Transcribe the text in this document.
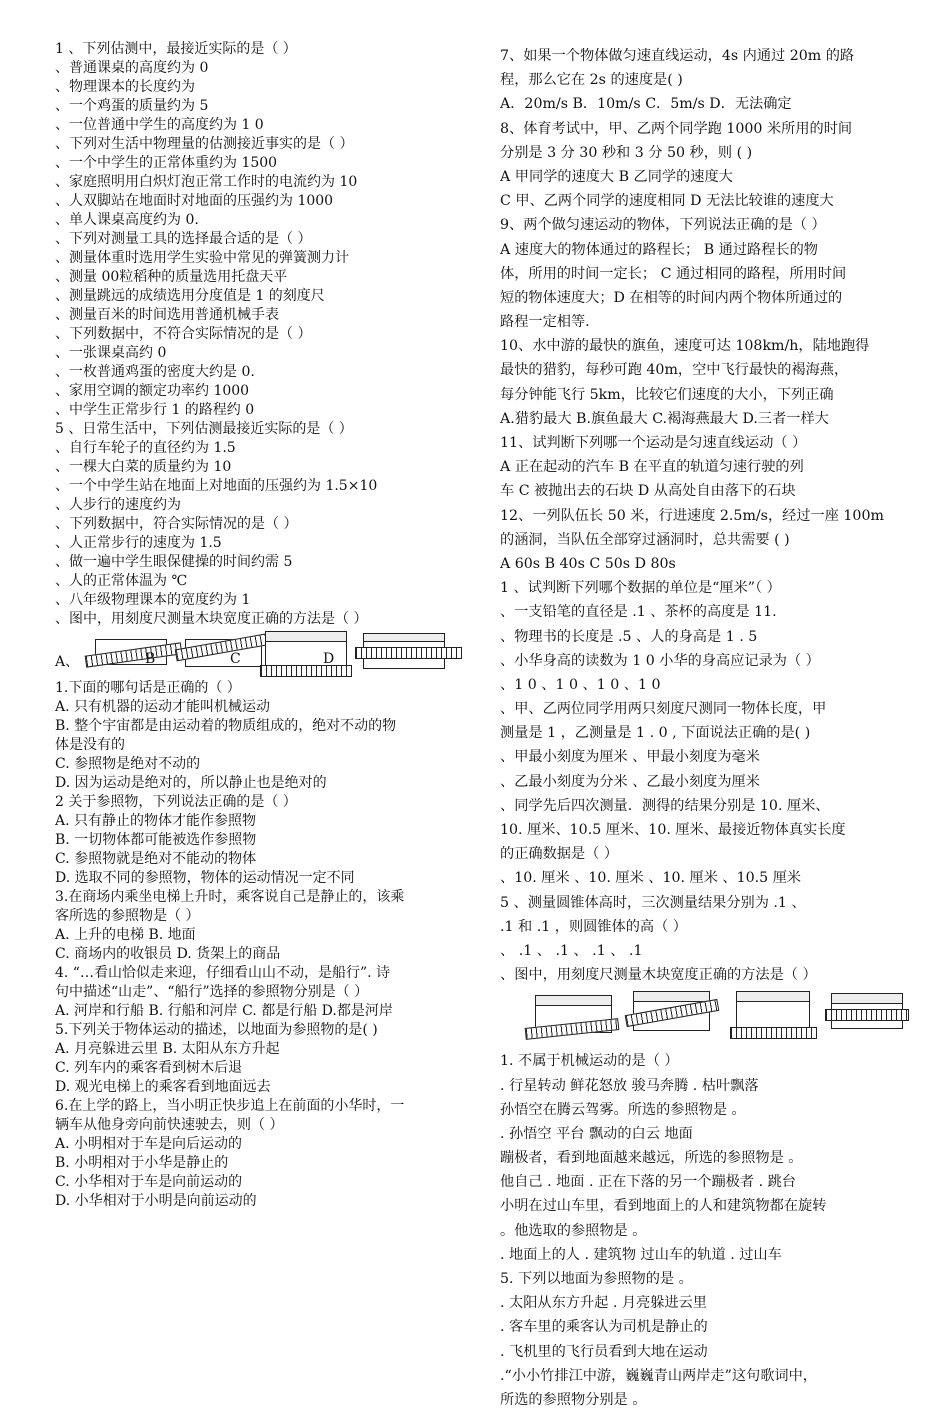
1 、下列估测中，最接近实际的是（ ）
、普通课桌的高度约为 0
、物理课本的长度约为
、一个鸡蛋的质量约为 5
、一位普通中学生的高度约为 1 0
、下列对生活中物理量的估测接近事实的是（ ）
、一个中学生的正常体重约为 1500
、家庭照明用白炽灯泡正常工作时的电流约为 10
、人双脚站在地面时对地面的压强约为 1000
、单人课桌高度约为 0.
、下列对测量工具的选择最合适的是（ ）
、测量体重时选用学生实验中常见的弹簧测力计
、测量 00粒稻种的质量选用托盘天平
、测量跳远的成绩选用分度值是 1 的刻度尺
、测量百米的时间选用普通机械手表
、下列数据中，不符合实际情况的是（ ）
、一张课桌高约 0
、一枚普通鸡蛋的密度大约是 0.
、家用空调的额定功率约 1000
、中学生正常步行 1 的路程约 0
5 、日常生活中，下列估测最接近实际的是（ ）
、自行车轮子的直径约为 1.5
、一棵大白菜的质量约为 10
、一个中学生站在地面上对地面的压强约为 1.5×10
、人步行的速度约为
、下列数据中，符合实际情况的是（ ）
、人正常步行的速度为 1.5
、做一遍中学生眼保健操的时间约需 5
、人的正常体温为 ℃
、八年级物理课本的宽度约为 1
、图中，用刻度尺测量木块宽度正确的方法是（ ）
A、	B	C	D
1.下面的哪句话是正确的（ ）
A. 只有机器的运动才能叫机械运动
B. 整个宇宙都是由运动着的物质组成的，绝对不动的物
体是没有的
C. 参照物是绝对不动的
D. 因为运动是绝对的，所以静止也是绝对的
2 关于参照物，下列说法正确的是（ ）
A. 只有静止的物体才能作参照物
B. 一切物体都可能被选作参照物
C. 参照物就是绝对不能动的物体
D. 选取不同的参照物，物体的运动情况一定不同
3.在商场内乘坐电梯上升时，乘客说自己是静止的，该乘
客所选的参照物是（ ）
A. 上升的电梯 B. 地面
C. 商场内的收银员 D. 货架上的商品
4. “…看山恰似走来迎，仔细看山山不动，是船行”. 诗
句中描述“山走”、“船行”选择的参照物分别是（ ）
A. 河岸和行船 B. 行船和河岸 C. 都是行船 D.都是河岸
5.下列关于物体运动的描述，以地面为参照物的是( )
A. 月亮躲进云里 B. 太阳从东方升起
C. 列车内的乘客看到树木后退
D. 观光电梯上的乘客看到地面远去
6.在上学的路上，当小明正快步追上在前面的小华时，一
辆车从他身旁向前快速驶去，则（ ）
A. 小明相对于车是向后运动的
B. 小明相对于小华是静止的
C. 小华相对于车是向前运动的
D. 小华相对于小明是向前运动的
7、如果一个物体做匀速直线运动，4s 内通过 20m 的路
程，那么它在 2s 的速度是( )
A．20m/s B．10m/s C．5m/s D．无法确定
8、体育考试中，甲、乙两个同学跑 1000 米所用的时间
分别是 3 分 30 秒和 3 分 50 秒，则 ( )
A 甲同学的速度大 B 乙同学的速度大
C 甲、乙两个同学的速度相同 D 无法比较谁的速度大
9、两个做匀速运动的物体，下列说法正确的是（ ）
A 速度大的物体通过的路程长； B 通过路程长的物
体，所用的时间一定长； C 通过相同的路程，所用时间
短的物体速度大；D 在相等的时间内两个物体所通过的
路程一定相等.
10、水中游的最快的旗鱼，速度可达 108km/h，陆地跑得
最快的猎豹，每秒可跑 40m，空中飞行最快的褐海燕，
每分钟能飞行 5km，比较它们速度的大小，下列正确
A.猎豹最大 B.旗鱼最大 C.褐海燕最大 D.三者一样大
11、试判断下列哪一个运动是匀速直线运动（ ）
A 正在起动的汽车 B 在平直的轨道匀速行驶的列
车 C 被抛出去的石块 D 从高处自由落下的石块
12、一列队伍长 50 米，行进速度 2.5m/s，经过一座 100m
的涵洞，当队伍全部穿过涵洞时，总共需要 ( )
A 60s B 40s C 50s D 80s
1 、试判断下列哪个数据的单位是“厘米”（ ）
、一支铅笔的直径是 .1 、茶杯的高度是 11.
、物理书的长度是 .5 、人的身高是 1 . 5
、小华身高的读数为 1 0 小华的身高应记录为（ ）
、1 0 、1 0 、1 0 、1 0
、甲、乙两位同学用两只刻度尺测同一物体长度，甲
测量是 1 ，乙测量是 1 . 0 , 下面说法正确的是( )
、甲最小刻度为厘米 、甲最小刻度为毫米
、乙最小刻度为分米 、乙最小刻度为厘米
、同学先后四次测量．测得的结果分别是 10. 厘米、
10. 厘米、10.5 厘米、10. 厘米、最接近物体真实长度
的正确数据是（ ）
、10. 厘米 、10. 厘米 、10. 厘米 、10.5 厘米
5 、测量圆锥体高时，三次测量结果分别为 .1 、
.1 和 .1 ，则圆锥体的高（ ）
、 .1 、 .1 、 .1 、 .1
、图中，用刻度尺测量木块宽度正确的方法是（ ）
1. 不属于机械运动的是（ ）
. 行星转动 鲜花怒放 骏马奔腾 . 枯叶飘落
孙悟空在腾云驾雾。所选的参照物是 。
. 孙悟空 平台 飘动的白云 地面
蹦极者，看到地面越来越远，所选的参照物是 。
他自己 . 地面 . 正在下落的另一个蹦极者 . 跳台
小明在过山车里，看到地面上的人和建筑物都在旋转
。他选取的参照物是 。
. 地面上的人 . 建筑物 过山车的轨道 . 过山车
5. 下列以地面为参照物的是 。
. 太阳从东方升起 . 月亮躲进云里
. 客车里的乘客认为司机是静止的
. 飞机里的飞行员看到大地在运动
.“小小竹排江中游，巍巍青山两岸走”这句歌词中，
所选的参照物分别是 。
